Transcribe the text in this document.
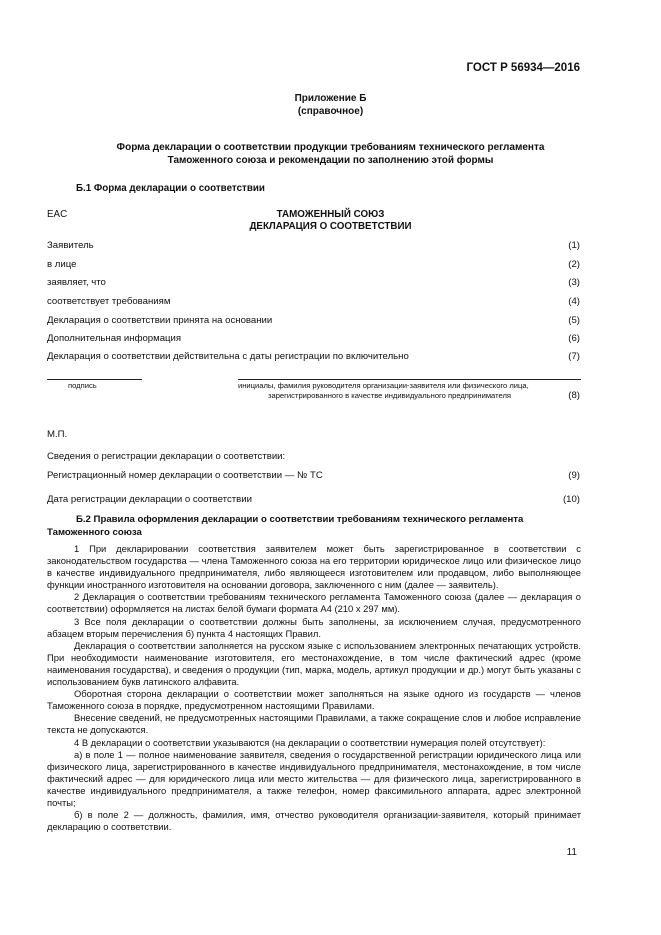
ГОСТ Р 56934—2016
Приложение Б
(справочное)
Форма декларации о соответствии продукции требованиям технического регламента
Таможенного союза и рекомендации по заполнению этой формы
Б.1 Форма декларации о соответствии
EAC	ТАМОЖЕННЫЙ СОЮЗ
ДЕКЛАРАЦИЯ О СООТВЕТСТВИИ
Заявитель	(1)
в лице	(2)
заявляет, что	(3)
соответствует требованиям	(4)
Декларация о соответствии принята на основании	(5)
Дополнительная информация	(6)
Декларация о соответствии действительна с даты регистрации по включительно	(7)
подпись	инициалы, фамилия руководителя организации-заявителя или физического лица,
зарегистрированного в качестве индивидуального предпринимателя	(8)
М.П.
Сведения о регистрации декларации о соответствии:
Регистрационный номер декларации о соответствии — № ТС	(9)
Дата регистрации декларации о соответствии	(10)
Б.2 Правила оформления декларации о соответствии требованиям технического регламента
Таможенного союза

1 При декларировании соответствия заявителем может быть зарегистрированное в соответствии с законодательством государства — члена Таможенного союза на его территории юридическое лицо или физическое лицо в качестве индивидуального предпринимателя, либо являющееся изготовителем или продавцом, либо выполняющее функции иностранного изготовителя на основании договора, заключенного с ним (далее — заявитель).

2 Декларация о соответствии требованиям технического регламента Таможенного союза (далее — декларация о соответствии) оформляется на листах белой бумаги формата А4 (210 х 297 мм).

3 Все поля декларации о соответствии должны быть заполнены, за исключением случая, предусмотренного абзацем вторым перечисления б) пункта 4 настоящих Правил.

Декларация о соответствии заполняется на русском языке с использованием электронных печатающих устройств. При необходимости наименование изготовителя, его местонахождение, в том числе фактический адрес (кроме наименования государства), и сведения о продукции (тип, марка, модель, артикул продукции и др.) могут быть указаны с использованием букв латинского алфавита.

Оборотная сторона декларации о соответствии может заполняться на языке одного из государств — членов Таможенного союза в порядке, предусмотренном настоящими Правилами.

Внесение сведений, не предусмотренных настоящими Правилами, а также сокращение слов и любое исправление текста не допускаются.

4 В декларации о соответствии указываются (на декларации о соответствии нумерация полей отсутствует):

а) в поле 1 — полное наименование заявителя, сведения о государственной регистрации юридического лица или физического лица, зарегистрированного в качестве индивидуального предпринимателя, местонахождение, в том числе фактический адрес — для юридического лица или место жительства — для физического лица, зарегистрированного в качестве индивидуального предпринимателя, а также телефон, номер факсимильного аппарата, адрес электронной почты;

б) в поле 2 — должность, фамилия, имя, отчество руководителя организации-заявителя, который принимает декларацию о соответствии.

11
